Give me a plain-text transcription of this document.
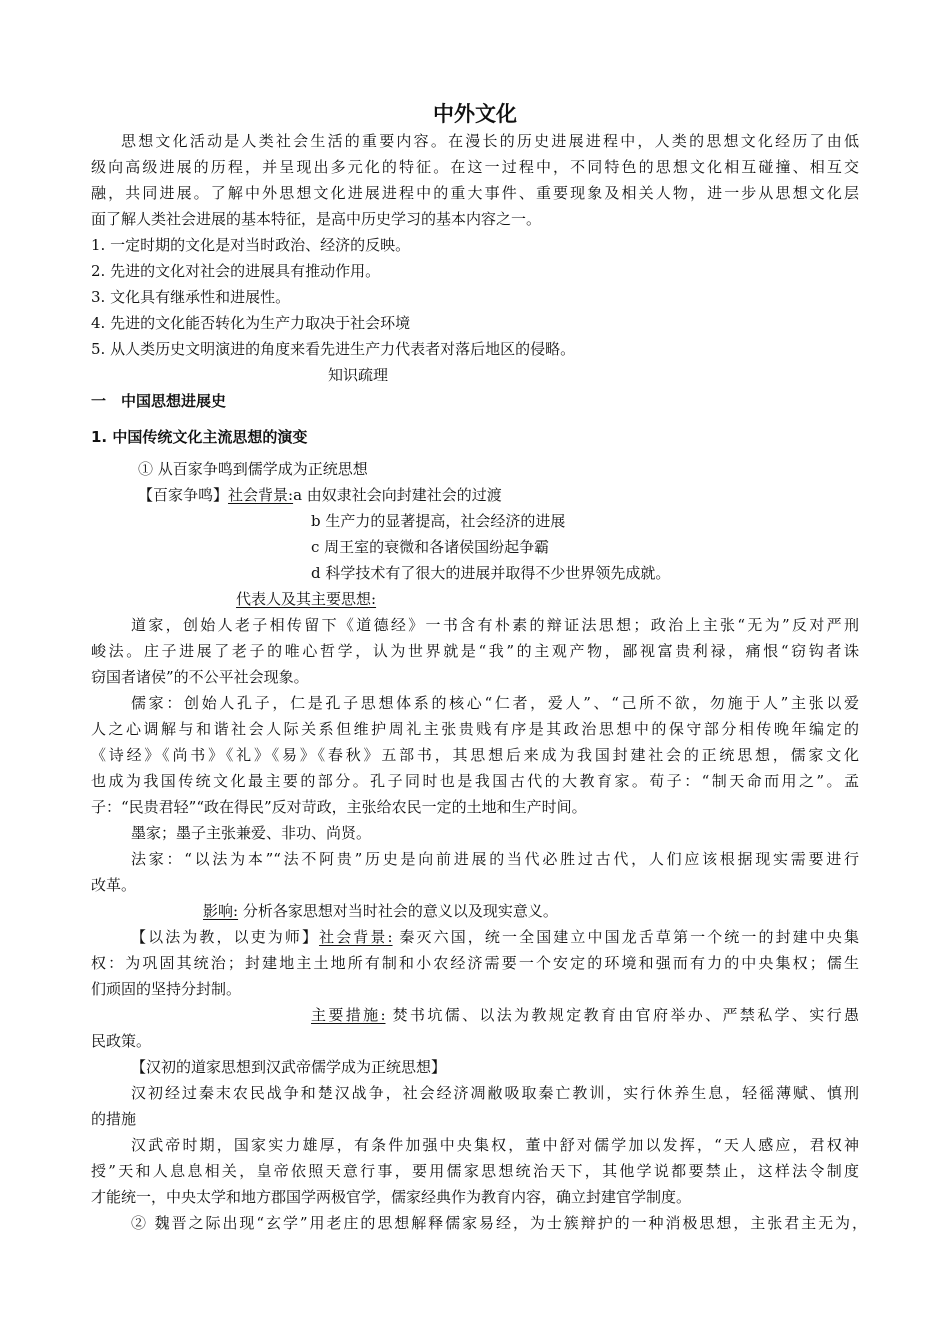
中外文化
思想文化活动是人类社会生活的重要内容。在漫长的历史进展进程中，人类的思想文化经历了由低
级向高级进展的历程，并呈现出多元化的特征。在这一过程中，不同特色的思想文化相互碰撞、相互交
融，共同进展。了解中外思想文化进展进程中的重大事件、重要现象及相关人物，进一步从思想文化层
面了解人类社会进展的基本特征，是高中历史学习的基本内容之一。
1. 一定时期的文化是对当时政治、经济的反映。
2. 先进的文化对社会的进展具有推动作用。
3. 文化具有继承性和进展性。
4. 先进的文化能否转化为生产力取决于社会环境
5. 从人类历史文明演进的角度来看先进生产力代表者对落后地区的侵略。
知识疏理
一　中国思想进展史
1. 中国传统文化主流思想的演变
① 从百家争鸣到儒学成为正统思想
【百家争鸣】社会背景:a 由奴隶社会向封建社会的过渡
b 生产力的显著提高，社会经济的进展
c 周王室的衰微和各诸侯国纷起争霸
d 科学技术有了很大的进展并取得不少世界领先成就。
代表人及其主要思想:
道家，创始人老子相传留下《道德经》一书含有朴素的辩证法思想；政治上主张“无为”反对严刑
峻法。庄子进展了老子的唯心哲学，认为世界就是“我”的主观产物，鄙视富贵利禄，痛恨“窃钩者诛
窃国者诸侯”的不公平社会现象。
儒家：创始人孔子，仁是孔子思想体系的核心“仁者，爱人”、“己所不欲，勿施于人”主张以爱
人之心调解与和谐社会人际关系但维护周礼主张贵贱有序是其政治思想中的保守部分相传晚年编定的
《诗经》《尚书》《礼》《易》《春秋》五部书，其思想后来成为我国封建社会的正统思想，儒家文化
也成为我国传统文化最主要的部分。孔子同时也是我国古代的大教育家。荀子：“制天命而用之”。孟
子：“民贵君轻”“政在得民”反对苛政，主张给农民一定的土地和生产时间。
墨家；墨子主张兼爱、非功、尚贤。
法家：“以法为本”“法不阿贵”历史是向前进展的当代必胜过古代，人们应该根据现实需要进行
改革。
影响: 分析各家思想对当时社会的意义以及现实意义。
【以法为教，以吏为师】社会背景: 秦灭六国，统一全国建立中国龙舌草第一个统一的封建中央集
权：为巩固其统治；封建地主土地所有制和小农经济需要一个安定的环境和强而有力的中央集权；儒生
们顽固的坚持分封制。
主要措施: 焚书坑儒、以法为教规定教育由官府举办、严禁私学、实行愚
民政策。
【汉初的道家思想到汉武帝儒学成为正统思想】
汉初经过秦末农民战争和楚汉战争，社会经济凋敝吸取秦亡教训，实行休养生息，轻徭薄赋、慎刑
的措施
汉武帝时期，国家实力雄厚，有条件加强中央集权，董中舒对儒学加以发挥，“天人感应，君权神
授”天和人息息相关，皇帝依照天意行事，要用儒家思想统治天下，其他学说都要禁止，这样法令制度
才能统一，中央太学和地方郡国学两极官学，儒家经典作为教育内容，确立封建官学制度。
② 魏晋之际出现“玄学”用老庄的思想解释儒家易经，为士簇辩护的一种消极思想，主张君主无为，
